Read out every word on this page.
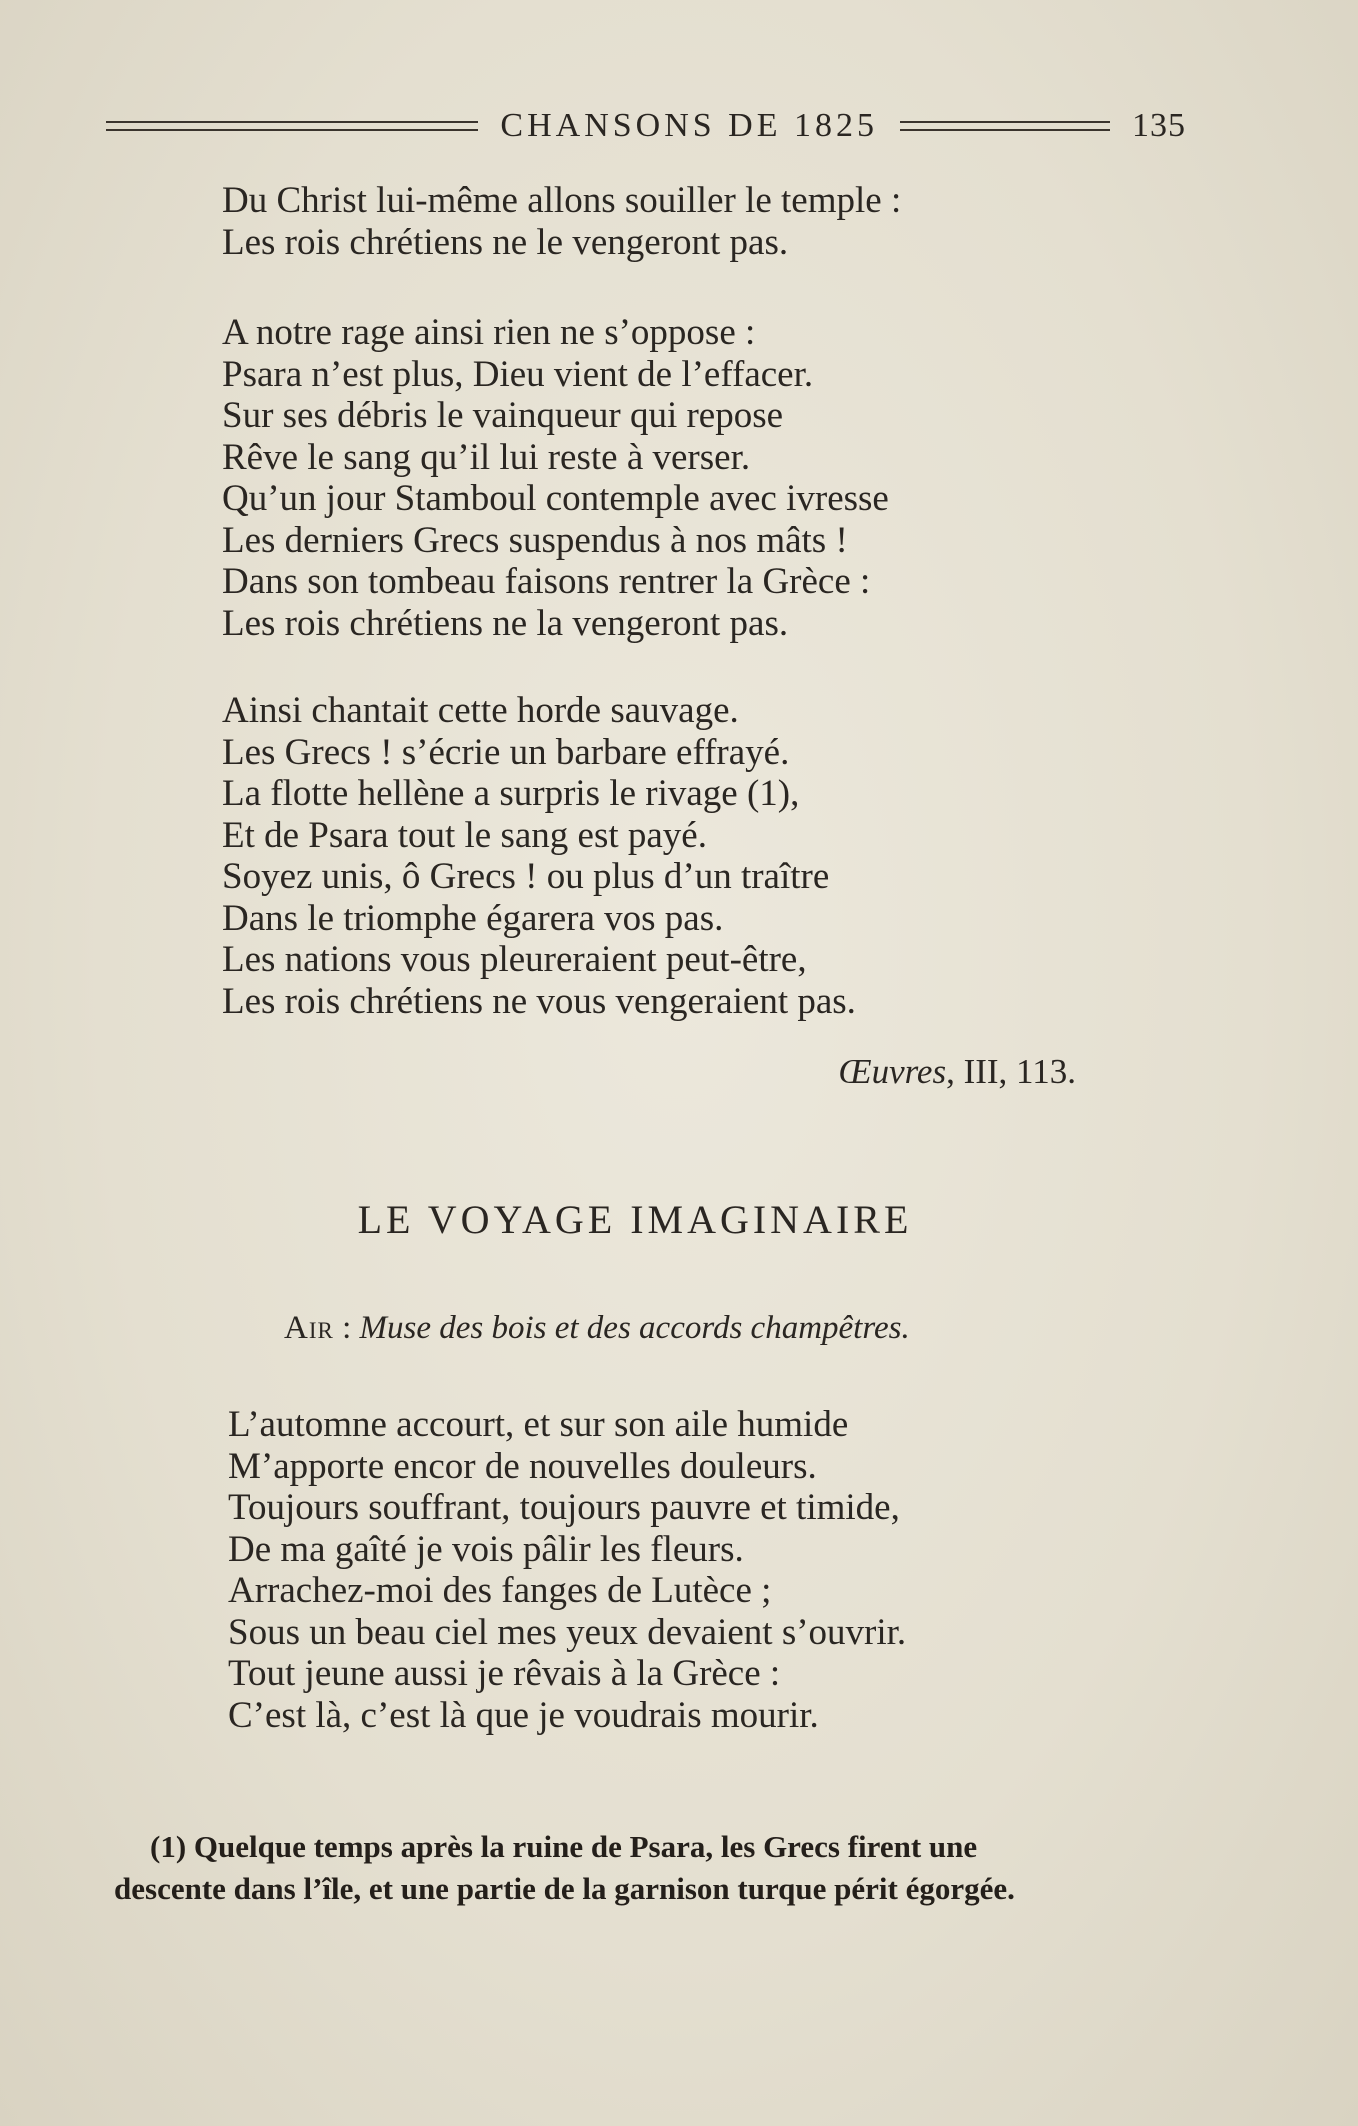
CHANSONS DE 1825	135
Du Christ lui-même allons souiller le temple :
Les rois chrétiens ne le vengeront pas.
A notre rage ainsi rien ne s’oppose :
Psara n’est plus, Dieu vient de l’effacer.
Sur ses débris le vainqueur qui repose
Rêve le sang qu’il lui reste à verser.
Qu’un jour Stamboul contemple avec ivresse
Les derniers Grecs suspendus à nos mâts !
Dans son tombeau faisons rentrer la Grèce :
Les rois chrétiens ne la vengeront pas.
Ainsi chantait cette horde sauvage.
Les Grecs ! s’écrie un barbare effrayé.
La flotte hellène a surpris le rivage (1),
Et de Psara tout le sang est payé.
Soyez unis, ô Grecs ! ou plus d’un traître
Dans le triomphe égarera vos pas.
Les nations vous pleureraient peut-être,
Les rois chrétiens ne vous vengeraient pas.
Œuvres, III, 113.
LE VOYAGE IMAGINAIRE
Air : Muse des bois et des accords champêtres.
L’automne accourt, et sur son aile humide
M’apporte encor de nouvelles douleurs.
Toujours souffrant, toujours pauvre et timide,
De ma gaîté je vois pâlir les fleurs.
Arrachez-moi des fanges de Lutèce ;
Sous un beau ciel mes yeux devaient s’ouvrir.
Tout jeune aussi je rêvais à la Grèce :
C’est là, c’est là que je voudrais mourir.
(1) Quelque temps après la ruine de Psara, les Grecs firent une
descente dans l’île, et une partie de la garnison turque périt égorgée.
